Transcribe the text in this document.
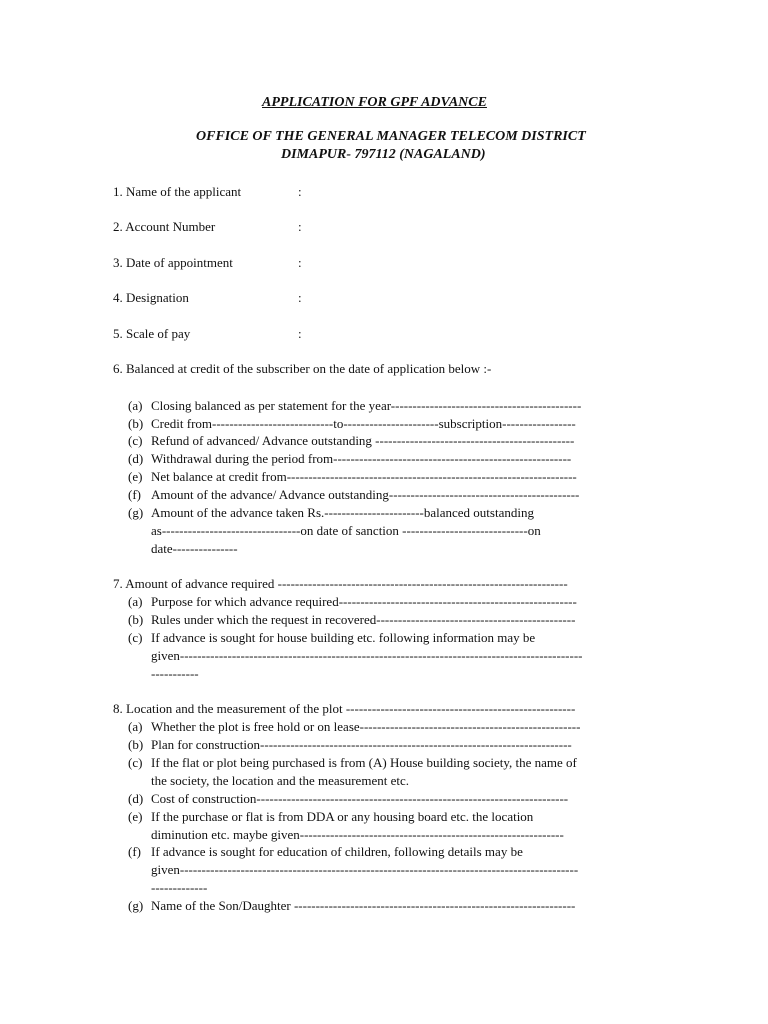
APPLICATION FOR GPF ADVANCE
OFFICE OF THE GENERAL MANAGER TELECOM DISTRICT
DIMAPUR- 797112 (NAGALAND)
1. Name of the applicant	:
2. Account Number	:
3. Date of appointment	:
4. Designation	:
5. Scale of pay	:
6. Balanced at credit of the subscriber on the date of application below :-
(a) Closing balanced as per statement for the year--------------------------------------------
(b) Credit from----------------------------to----------------------subscription-----------------
(c) Refund of advanced/ Advance outstanding ----------------------------------------------
(d) Withdrawal during the period from-------------------------------------------------------
(e) Net balance at credit from-------------------------------------------------------------------
(f) Amount of the advance/ Advance outstanding--------------------------------------------
(g) Amount of the advance taken Rs.-----------------------balanced outstanding
as--------------------------------on date of sanction -----------------------------on
date---------------
7. Amount of advance required -------------------------------------------------------------------
(a) Purpose for which advance required-------------------------------------------------------
(b) Rules under which the request in recovered----------------------------------------------
(c) If advance is sought for house building etc. following information may be
given---------------------------------------------------------------------------------------------
-----------
8. Location and the measurement of the plot -----------------------------------------------------
(a) Whether the plot is free hold or on lease---------------------------------------------------
(b) Plan for construction------------------------------------------------------------------------
(c) If the flat or plot being purchased is from (A) House building society, the name of
the society, the location and the measurement etc.
(d) Cost of construction------------------------------------------------------------------------
(e) If the purchase or flat is from DDA or any housing board etc. the location
diminution etc. maybe given-------------------------------------------------------------
(f) If advance is sought for education of children, following details may be
given--------------------------------------------------------------------------------------------
-------------
(g) Name of the Son/Daughter -----------------------------------------------------------------
